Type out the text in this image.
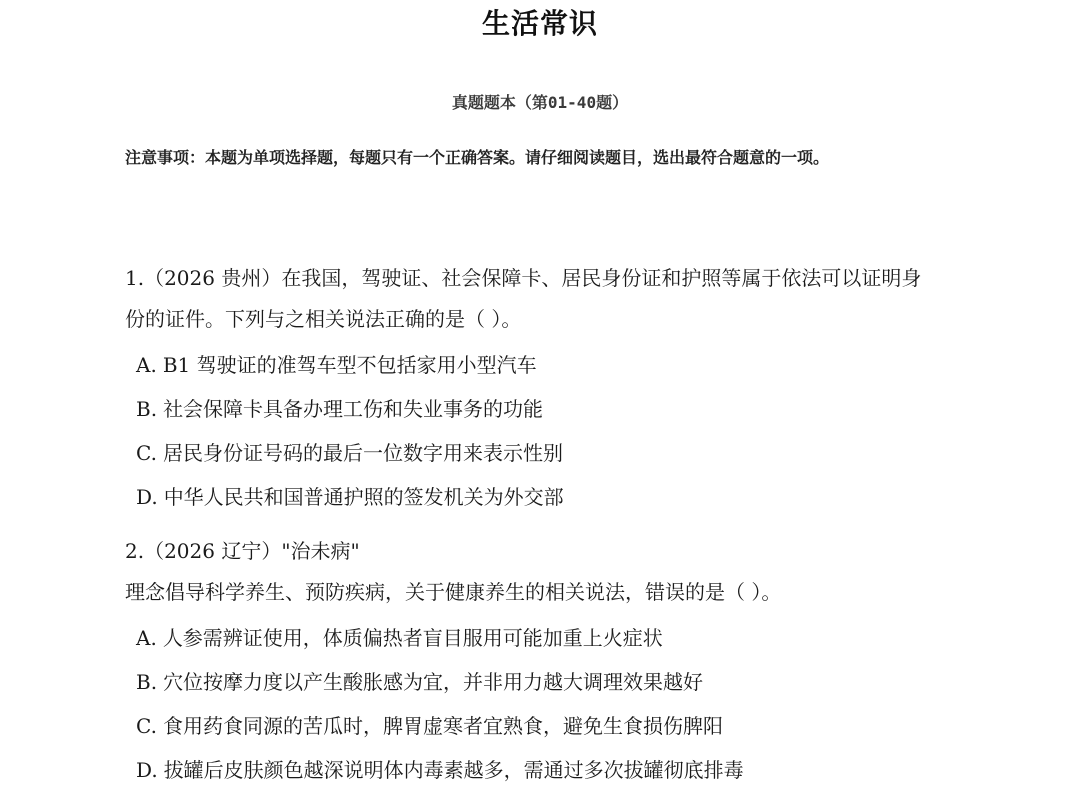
生活常识
真题题本（第01-40题）
注意事项：本题为单项选择题，每题只有一个正确答案。请仔细阅读题目，选出最符合题意的一项。
1.（2026 贵州）在我国，驾驶证、社会保障卡、居民身份证和护照等属于依法可以证明身
份的证件。下列与之相关说法正确的是（ ）。
A. B1 驾驶证的准驾车型不包括家用小型汽车
B. 社会保障卡具备办理工伤和失业事务的功能
C. 居民身份证号码的最后一位数字用来表示性别
D. 中华人民共和国普通护照的签发机关为外交部
2.（2026 辽宁）"治未病"
理念倡导科学养生、预防疾病，关于健康养生的相关说法，错误的是（ ）。
A. 人参需辨证使用，体质偏热者盲目服用可能加重上火症状
B. 穴位按摩力度以产生酸胀感为宜，并非用力越大调理效果越好
C. 食用药食同源的苦瓜时，脾胃虚寒者宜熟食，避免生食损伤脾阳
D. 拔罐后皮肤颜色越深说明体内毒素越多，需通过多次拔罐彻底排毒
